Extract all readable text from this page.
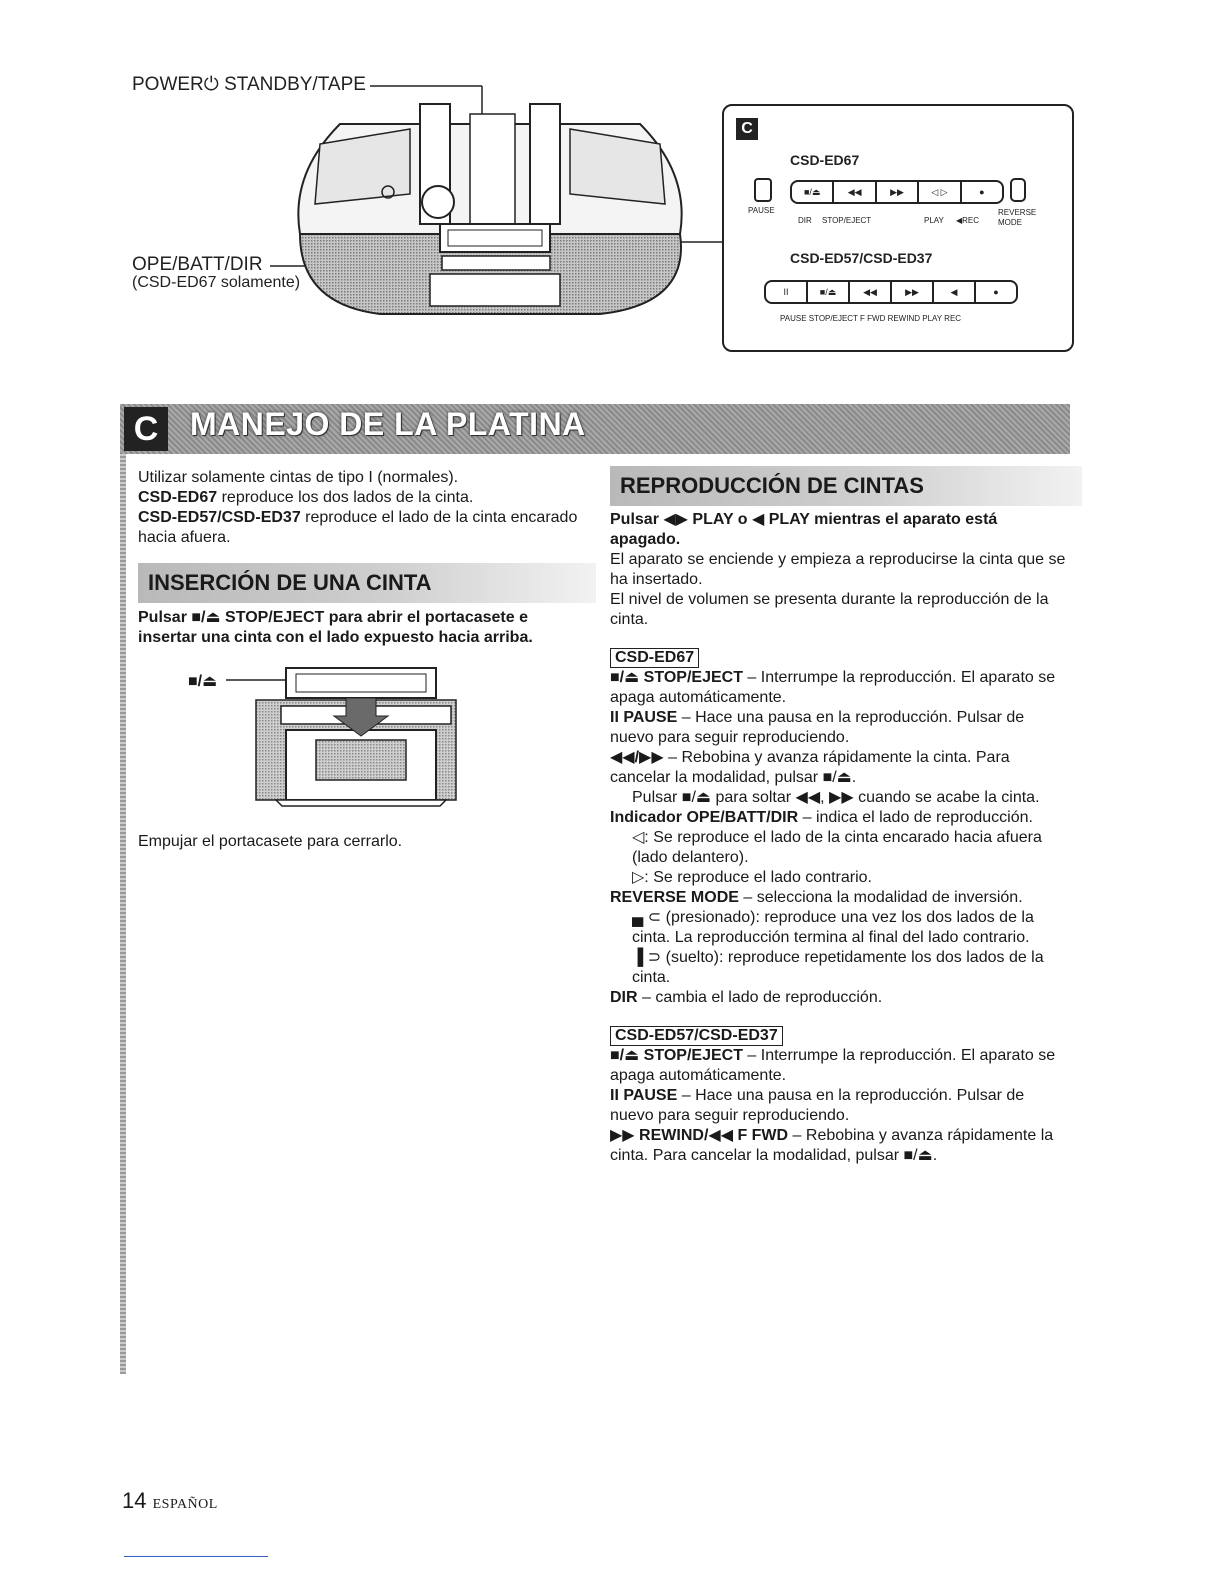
POWER⏻ STANDBY/TAPE
OPE/BATT/DIR
(CSD-ED67 solamente)
C
CSD-ED67
PAUSE
■/⏏	◀◀	▶▶	◁ ▷	●
DIR STOP/EJECT	PLAY ◀REC
REVERSE
MODE
CSD-ED57/CSD-ED37
II	■/⏏	◀◀	▶▶	◀	●
PAUSE STOP/EJECT F FWD REWIND PLAY REC
C MANEJO DE LA PLATINA

Utilizar solamente cintas de tipo I (normales).

CSD-ED67 reproduce los dos lados de la cinta.

CSD-ED57/CSD-ED37 reproduce el lado de la cinta encarado hacia afuera.

INSERCIÓN DE UNA CINTA
Pulsar ■/⏏ STOP/EJECT para abrir el portacasete e insertar una cinta con el lado expuesto hacia arriba.
■/⏏
Empujar el portacasete para cerrarlo.
REPRODUCCIÓN DE CINTAS

Pulsar ◀▶ PLAY o ◀ PLAY mientras el aparato está apagado.

El aparato se enciende y empieza a reproducirse la cinta que se ha insertado.

El nivel de volumen se presenta durante la reproducción de la cinta.

CSD-ED67

■/⏏ STOP/EJECT – Interrumpe la reproducción. El aparato se apaga automáticamente.

II PAUSE – Hace una pausa en la reproducción. Pulsar de nuevo para seguir reproduciendo.

◀◀/▶▶ – Rebobina y avanza rápidamente la cinta. Para cancelar la modalidad, pulsar ■/⏏.

Pulsar ■/⏏ para soltar ◀◀, ▶▶ cuando se acabe la cinta.

Indicador OPE/BATT/DIR – indica el lado de reproducción.

◁: Se reproduce el lado de la cinta encarado hacia afuera (lado delantero).

▷: Se reproduce el lado contrario.

REVERSE MODE – selecciona la modalidad de inversión.

▄ ⊂ (presionado): reproduce una vez los dos lados de la cinta. La reproducción termina al final del lado contrario.

▐ ⊃ (suelto): reproduce repetidamente los dos lados de la cinta.

DIR – cambia el lado de reproducción.

CSD-ED57/CSD-ED37

■/⏏ STOP/EJECT – Interrumpe la reproducción. El aparato se apaga automáticamente.

II PAUSE – Hace una pausa en la reproducción. Pulsar de nuevo para seguir reproduciendo.

▶▶ REWIND/◀◀ F FWD – Rebobina y avanza rápidamente la cinta. Para cancelar la modalidad, pulsar ■/⏏.

14 ESPAÑOL
